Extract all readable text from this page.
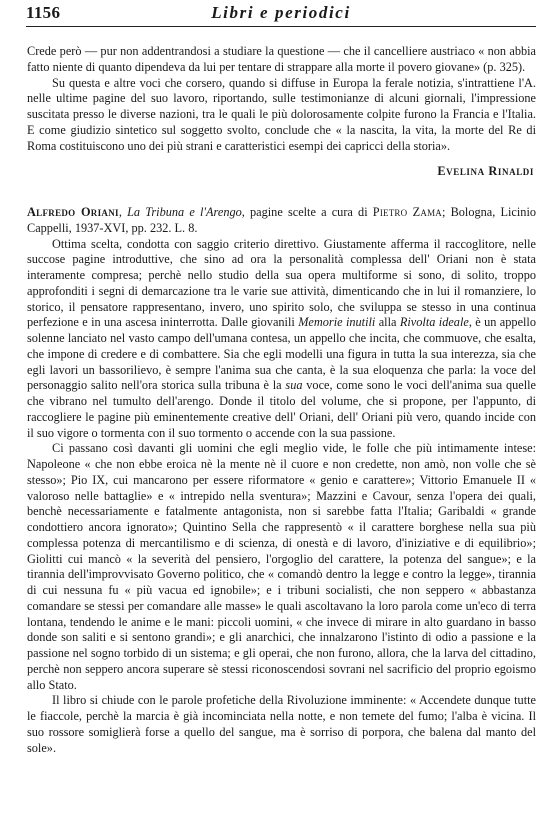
1156	Libri e periodici

Crede però — pur non addentrandosi a studiare la questione — che il cancelliere austriaco « non abbia fatto niente di quanto dipendeva da lui per tentare di strappare alla morte il povero giovane» (p. 325).

Su questa e altre voci che corsero, quando si diffuse in Europa la ferale notizia, s'intrattiene l'A. nelle ultime pagine del suo lavoro, riportando, sulle testimonianze di alcuni giornali, l'impressione suscitata presso le diverse nazioni, tra le quali le più dolorosamente colpite furono la Francia e l'Italia. E come giudizio sintetico sul soggetto svolto, conclude che « la nascita, la vita, la morte del Re di Roma costituiscono uno dei più strani e caratteristici esempi dei capricci della storia».

Evelina Rinaldi

Alfredo Oriani, La Tribuna e l'Arengo, pagine scelte a cura di Pietro Zama; Bologna, Licinio Cappelli, 1937-XVI, pp. 232. L. 8.

Ottima scelta, condotta con saggio criterio direttivo. Giustamente afferma il raccoglitore, nelle succose pagine introduttive, che sino ad ora la personalità complessa dell' Oriani non è stata interamente compresa; perchè nello studio della sua opera multiforme si sono, di solito, troppo approfonditi i segni di demarcazione tra le varie sue attività, dimenticando che in lui il romanziere, lo storico, il pensatore rappresentano, invero, uno spirito solo, che sviluppa se stesso in una continua perfezione e in una ascesa ininterrotta. Dalle giovanili Memorie inutili alla Rivolta ideale, è un appello solenne lanciato nel vasto campo dell'umana contesa, un appello che incita, che commuove, che esalta, che impone di credere e di combattere. Sia che egli modelli una figura in tutta la sua interezza, sia che egli lavori un bassorilievo, è sempre l'anima sua che canta, è la sua eloquenza che parla: la voce del personaggio salito nell'ora storica sulla tribuna è la sua voce, come sono le voci dell'anima sua quelle che vibrano nel tumulto dell'arengo. Donde il titolo del volume, che si propone, per l'appunto, di raccogliere le pagine più eminentemente creative dell' Oriani, dell' Oriani più vero, quando incide con il suo vigore o tormenta con il suo tormento o accende con la sua passione.

Ci passano così davanti gli uomini che egli meglio vide, le folle che più intimamente intese: Napoleone « che non ebbe eroica nè la mente nè il cuore e non credette, non amò, non volle che sè stesso»; Pio IX, cui mancarono per essere riformatore « genio e carattere»; Vittorio Emanuele II « valoroso nelle battaglie» e « intrepido nella sventura»; Mazzini e Cavour, senza l'opera dei quali, benchè necessariamente e fatalmente antagonista, non si sarebbe fatta l'Italia; Garibaldi « grande condottiero ancora ignorato»; Quintino Sella che rappresentò « il carattere borghese nella sua più complessa potenza di mercantilismo e di scienza, di onestà e di lavoro, d'iniziative e di equilibrio»; Giolitti cui mancò « la severità del pensiero, l'orgoglio del carattere, la potenza del sangue»; e la tirannia dell'improvvisato Governo politico, che « comandò dentro la legge e contro la legge», tirannia di cui nessuna fu « più vacua ed ignobile»; e i tribuni socialisti, che non seppero « abbastanza comandare se stessi per comandare alle masse» le quali ascoltavano la loro parola come un'eco di terra lontana, tendendo le anime e le mani: piccoli uomini, « che invece di mirare in alto guardano in basso donde son saliti e si sentono grandi»; e gli anarchici, che innalzarono l'istinto di odio a passione e la passione nel sogno torbido di un sistema; e gli operai, che non furono, allora, che la larva del cittadino, perchè non seppero ancora superare sè stessi riconoscendosi sovrani nel sacrificio del proprio egoismo allo Stato.

Il libro si chiude con le parole profetiche della Rivoluzione imminente: « Accendete dunque tutte le fiaccole, perchè la marcia è già incominciata nella notte, e non temete del fumo; l'alba è vicina. Il suo rossore somiglierà forse a quello del sangue, ma è sorriso di porpora, che balena dal manto del sole».
